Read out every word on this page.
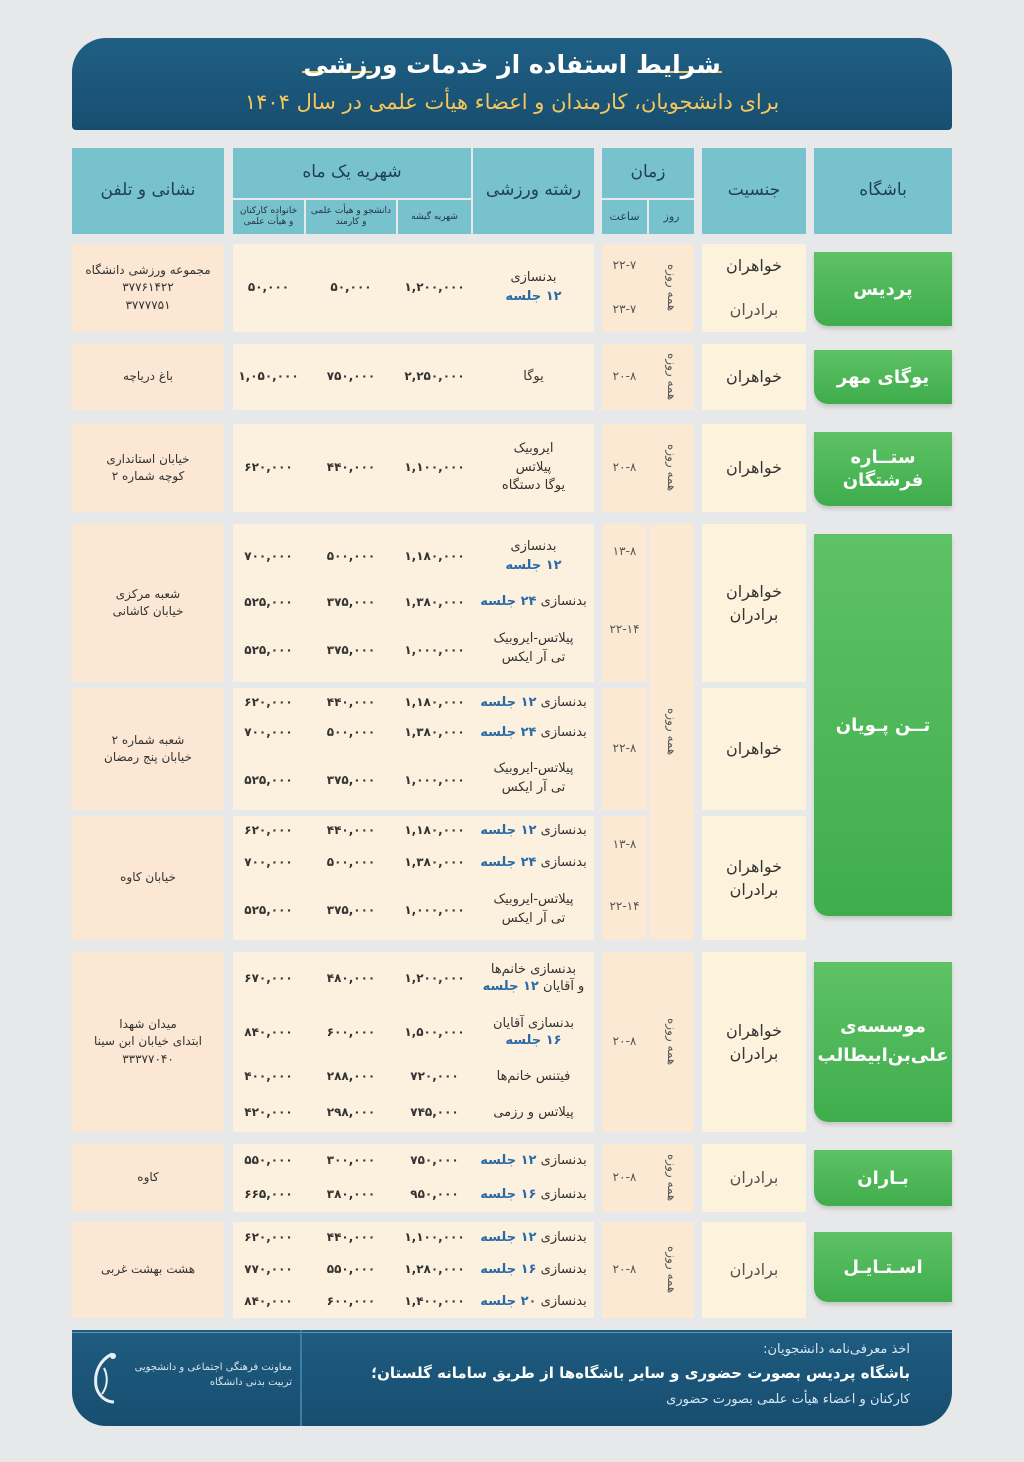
شرایط استفاده از خدمات ورزشی
برای دانشجویان، کارمندان و اعضاء هیأت علمی در سال ۱۴۰۴
باشگاه
جنسیت
زمان
روز
ساعت
رشته ورزشی
شهریه یک ماه
شهریه گیشه
دانشجو و هیأت علمی و کارمند
خانواده کارکنان و هیأت علمی
نشانی و تلفن
پردیس
خواهران
برادران
همه روزه
۲۲-۷
۲۳-۷
بدنسازی
۱۲ جلسه
۱,۲۰۰,۰۰۰
۵۰,۰۰۰
۵۰,۰۰۰
مجموعه ورزشی دانشگاه
۳۷۷۶۱۴۲۲
۳۷۷۷۷۵۱
یوگای مهر
خواهران
همه روزه
۲۰-۸
یوگا
۲,۲۵۰,۰۰۰
۷۵۰,۰۰۰
۱,۰۵۰,۰۰۰
باغ دریاچه
ستــاره
فرشتگان
خواهران
همه روزه
۲۰-۸
ایروبیک
پیلاتس
یوگا دستگاه
۱,۱۰۰,۰۰۰
۴۴۰,۰۰۰
۶۲۰,۰۰۰
خیابان استانداری
کوچه شماره ۲
تــن پـویان
همه روزه
خواهران
برادران
۱۳-۸
۲۲-۱۴
بدنسازی
۱۲ جلسه
بدنسازی

۲۴ جلسه
پیلاتس-ایروبیک
تی آر ایکس
۱,۱۸۰,۰۰۰
۵۰۰,۰۰۰
۷۰۰,۰۰۰
۱,۳۸۰,۰۰۰
۳۷۵,۰۰۰
۵۲۵,۰۰۰
۱,۰۰۰,۰۰۰
۳۷۵,۰۰۰
۵۲۵,۰۰۰
شعبه مرکزی
خیابان کاشانی
خواهران
۲۲-۸
بدنسازی

۱۲ جلسه
بدنسازی

۲۴ جلسه
پیلاتس-ایروبیک
تی آر ایکس
۱,۱۸۰,۰۰۰
۴۴۰,۰۰۰
۶۲۰,۰۰۰
۱,۳۸۰,۰۰۰
۵۰۰,۰۰۰
۷۰۰,۰۰۰
۱,۰۰۰,۰۰۰
۳۷۵,۰۰۰
۵۲۵,۰۰۰
شعبه شماره ۲
خیابان پنج رمضان
خواهران
برادران
۱۳-۸
۲۲-۱۴
بدنسازی

۱۲ جلسه
بدنسازی

۲۴ جلسه
پیلاتس-ایروبیک
تی آر ایکس
۱,۱۸۰,۰۰۰
۴۴۰,۰۰۰
۶۲۰,۰۰۰
۱,۳۸۰,۰۰۰
۵۰۰,۰۰۰
۷۰۰,۰۰۰
۱,۰۰۰,۰۰۰
۳۷۵,۰۰۰
۵۲۵,۰۰۰
خیابان کاوه
موسسه‌ی
علی‌بن‌ابیطالب
خواهران
برادران
همه روزه
۲۰-۸
بدنسازی خانم‌ها
و آقایان ۱۲ جلسه
بدنسازی آقایان
۱۶ جلسه
فیتنس خانم‌ها
پیلاتس و رزمی
۱,۲۰۰,۰۰۰
۴۸۰,۰۰۰
۶۷۰,۰۰۰
۱,۵۰۰,۰۰۰
۶۰۰,۰۰۰
۸۴۰,۰۰۰
۷۲۰,۰۰۰
۲۸۸,۰۰۰
۴۰۰,۰۰۰
۷۴۵,۰۰۰
۲۹۸,۰۰۰
۴۲۰,۰۰۰
میدان شهدا
ابتدای خیابان ابن سینا
۳۳۳۷۷۰۴۰
بـاران
برادران
همه روزه
۲۰-۸
بدنسازی

۱۲ جلسه
بدنسازی

۱۶ جلسه
۷۵۰,۰۰۰
۳۰۰,۰۰۰
۵۵۰,۰۰۰
۹۵۰,۰۰۰
۳۸۰,۰۰۰
۶۶۵,۰۰۰
کاوه
اسـتـایـل
برادران
همه روزه
۲۰-۸
بدنسازی

۱۲ جلسه
بدنسازی

۱۶ جلسه
بدنسازی

۲۰ جلسه
۱,۱۰۰,۰۰۰
۴۴۰,۰۰۰
۶۲۰,۰۰۰
۱,۲۸۰,۰۰۰
۵۵۰,۰۰۰
۷۷۰,۰۰۰
۱,۴۰۰,۰۰۰
۶۰۰,۰۰۰
۸۴۰,۰۰۰
هشت بهشت غربی
اخذ معرفی‌نامه دانشجویان:
باشگاه پردیس بصورت حضوری و سایر باشگاه‌ها از طریق سامانه گلستان؛
کارکنان و اعضاء هیأت علمی بصورت حضوری
معاونت فرهنگی اجتماعی و دانشجویی
تربیت بدنی دانشگاه
